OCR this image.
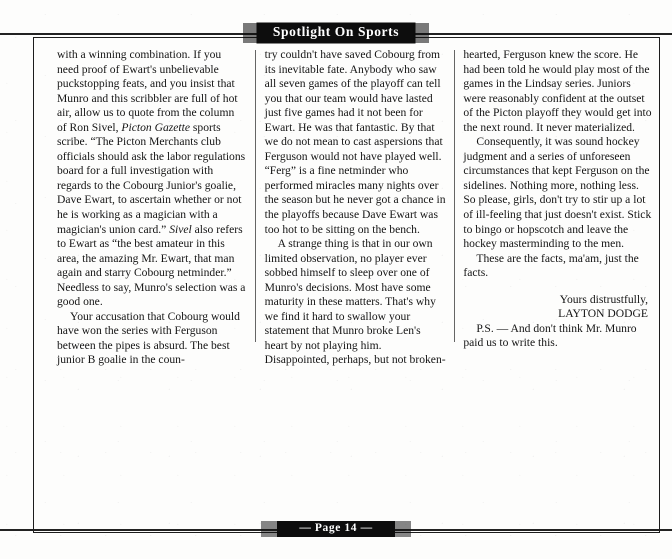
Spotlight On Sports

with a winning combination. If you need proof of Ewart's unbelievable puckstopping feats, and you insist that Munro and this scribbler are full of hot air, allow us to quote from the column of Ron Sivel, Picton Gazette sports scribe. “The Picton Merchants club officials should ask the labor regulations board for a full investigation with regards to the Cobourg Junior's goalie, Dave Ewart, to ascertain whether or not he is working as a magician with a magician's union card.” Sivel also refers to Ewart as “the best amateur in this area, the amazing Mr. Ewart, that man again and starry Cobourg netminder.” Needless to say, Munro's selection was a good one.

Your accusation that Cobourg would have won the series with Ferguson between the pipes is absurd. The best junior B goalie in the coun-

try couldn't have saved Cobourg from its inevitable fate. Anybody who saw all seven games of the playoff can tell you that our team would have lasted just five games had it not been for Ewart. He was that fantastic. By that we do not mean to cast aspersions that Ferguson would not have played well. “Ferg” is a fine netminder who performed miracles many nights over the season but he never got a chance in the playoffs because Dave Ewart was too hot to be sitting on the bench.

A strange thing is that in our own limited observation, no player ever sobbed himself to sleep over one of Munro's decisions. Most have some maturity in these matters. That's why we find it hard to swallow your statement that Munro broke Len's heart by not playing him. Disappointed, perhaps, but not broken-

hearted, Ferguson knew the score. He had been told he would play most of the games in the Lindsay series. Juniors were reasonably confident at the outset of the Picton playoff they would get into the next round. It never materialized.

Consequently, it was sound hockey judgment and a series of unforeseen circumstances that kept Ferguson on the sidelines. Nothing more, nothing less. So please, girls, don't try to stir up a lot of ill-feeling that just doesn't exist. Stick to bingo or hopscotch and leave the hockey masterminding to the men.

These are the facts, ma'am, just the facts.

Yours distrustfully,

LAYTON DODGE

P.S. — And don't think Mr. Munro paid us to write this.

— Page 14 —
